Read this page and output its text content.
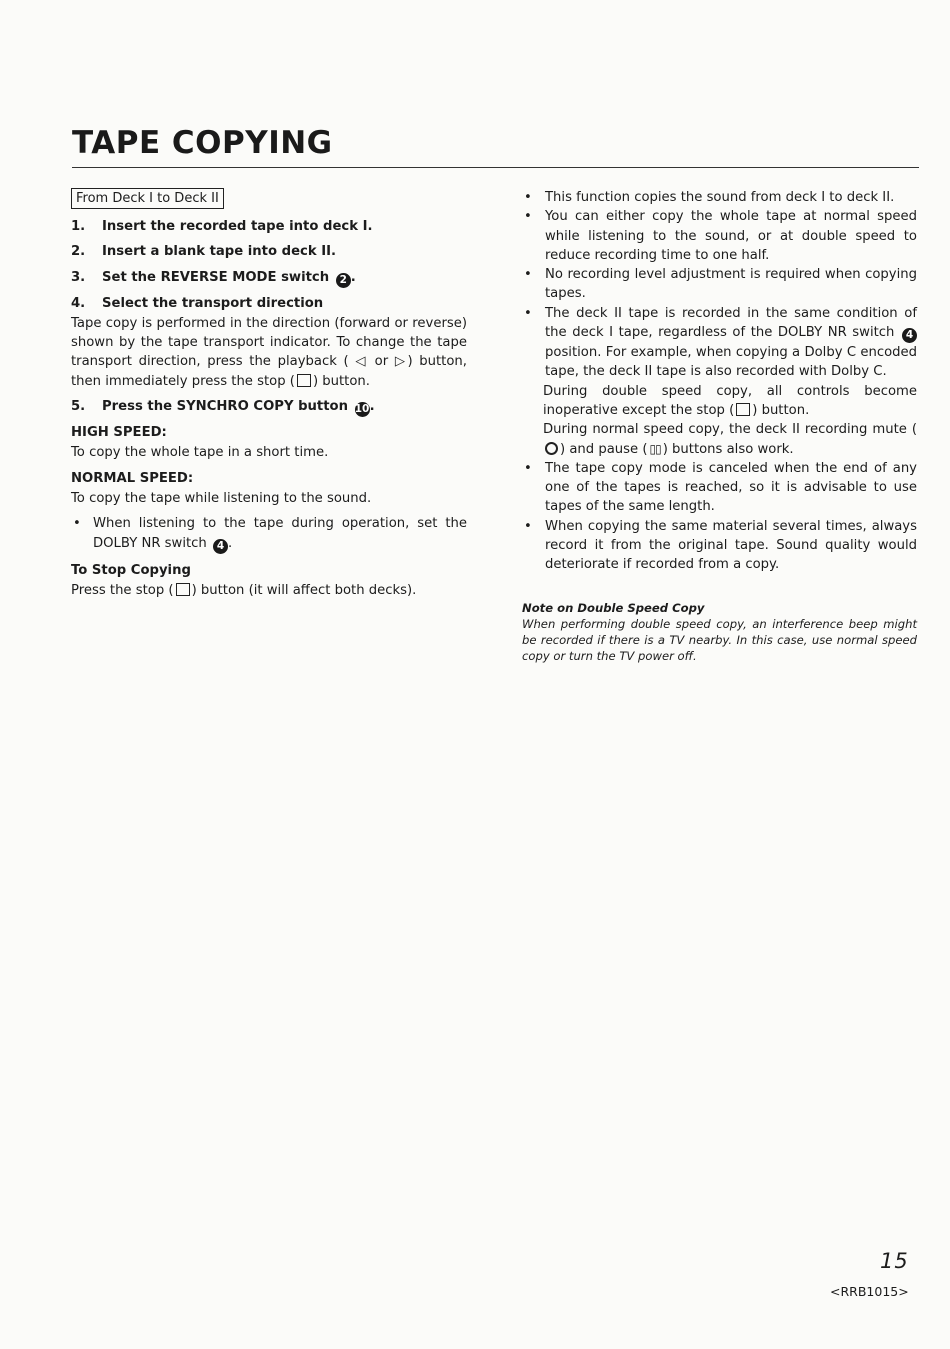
TAPE COPYING
From Deck I to Deck II
1.	Insert the recorded tape into deck I.
2.	Insert a blank tape into deck II.
3.	Set the REVERSE MODE switch 2 .
4.	Select the transport direction
Tape copy is performed in the direction (forward or reverse) shown by the tape transport indicator. To change the tape transport direction, press the playback ( ◁ or ▷) button, then immediately press the stop ( ) button.
5.	Press the SYNCHRO COPY button 10.
HIGH SPEED:
To copy the whole tape in a short time.
NORMAL SPEED:
To copy the tape while listening to the sound.
• When listening to the tape during operation, set the DOLBY NR switch 4 .
To Stop Copying
Press the stop ( ) button (it will affect both decks).
•	This function copies the sound from deck I to deck II.
•	You can either copy the whole tape at normal speed while listening to the sound, or at double speed to reduce recording time to one half.
•	No recording level adjustment is required when copying tapes.
•	The deck II tape is recorded in the same condition of the deck I tape, regardless of the DOLBY NR switch 4 position. For example, when copying a Dolby C encoded tape, the deck II tape is also recorded with Dolby C.
During double speed copy, all controls become inoperative except the stop ( ) button.
During normal speed copy, the deck II recording mute () and pause ( ▯▯ ) buttons also work.
•	The tape copy mode is canceled when the end of any one of the tapes is reached, so it is advisable to use tapes of the same length.
•	When copying the same material several times, always record it from the original tape. Sound quality would deteriorate if recorded from a copy.
Note on Double Speed Copy
When performing double speed copy, an interference beep might be recorded if there is a TV nearby. In this case, use normal speed copy or turn the TV power off.
15
<RRB1015>
